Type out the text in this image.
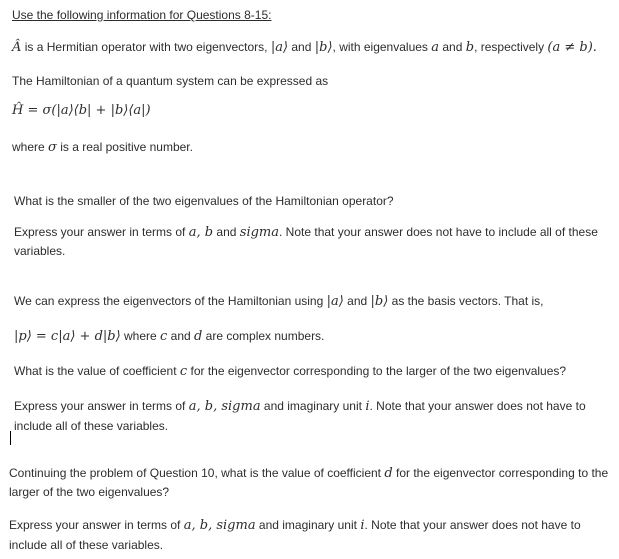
Use the following information for Questions 8-15:
Â is a Hermitian operator with two eigenvectors, |a⟩ and |b⟩, with eigenvalues a and b, respectively (a ≠ b).
The Hamiltonian of a quantum system can be expressed as
Ĥ = σ(|a⟩⟨b| + |b⟩⟨a|)
where σ is a real positive number.
What is the smaller of the two eigenvalues of the Hamiltonian operator?
Express your answer in terms of a, b and sigma. Note that your answer does not have to include all of these
variables.
We can express the eigenvectors of the Hamiltonian using |a⟩ and |b⟩ as the basis vectors. That is,
|p⟩ = c|a⟩ + d|b⟩ where c and d are complex numbers.
What is the value of coefficient c for the eigenvector corresponding to the larger of the two eigenvalues?
Express your answer in terms of a, b, sigma and imaginary unit i. Note that your answer does not have to
include all of these variables.
Continuing the problem of Question 10, what is the value of coefficient d for the eigenvector corresponding to the
larger of the two eigenvalues?
Express your answer in terms of a, b, sigma and imaginary unit i. Note that your answer does not have to
include all of these variables.
